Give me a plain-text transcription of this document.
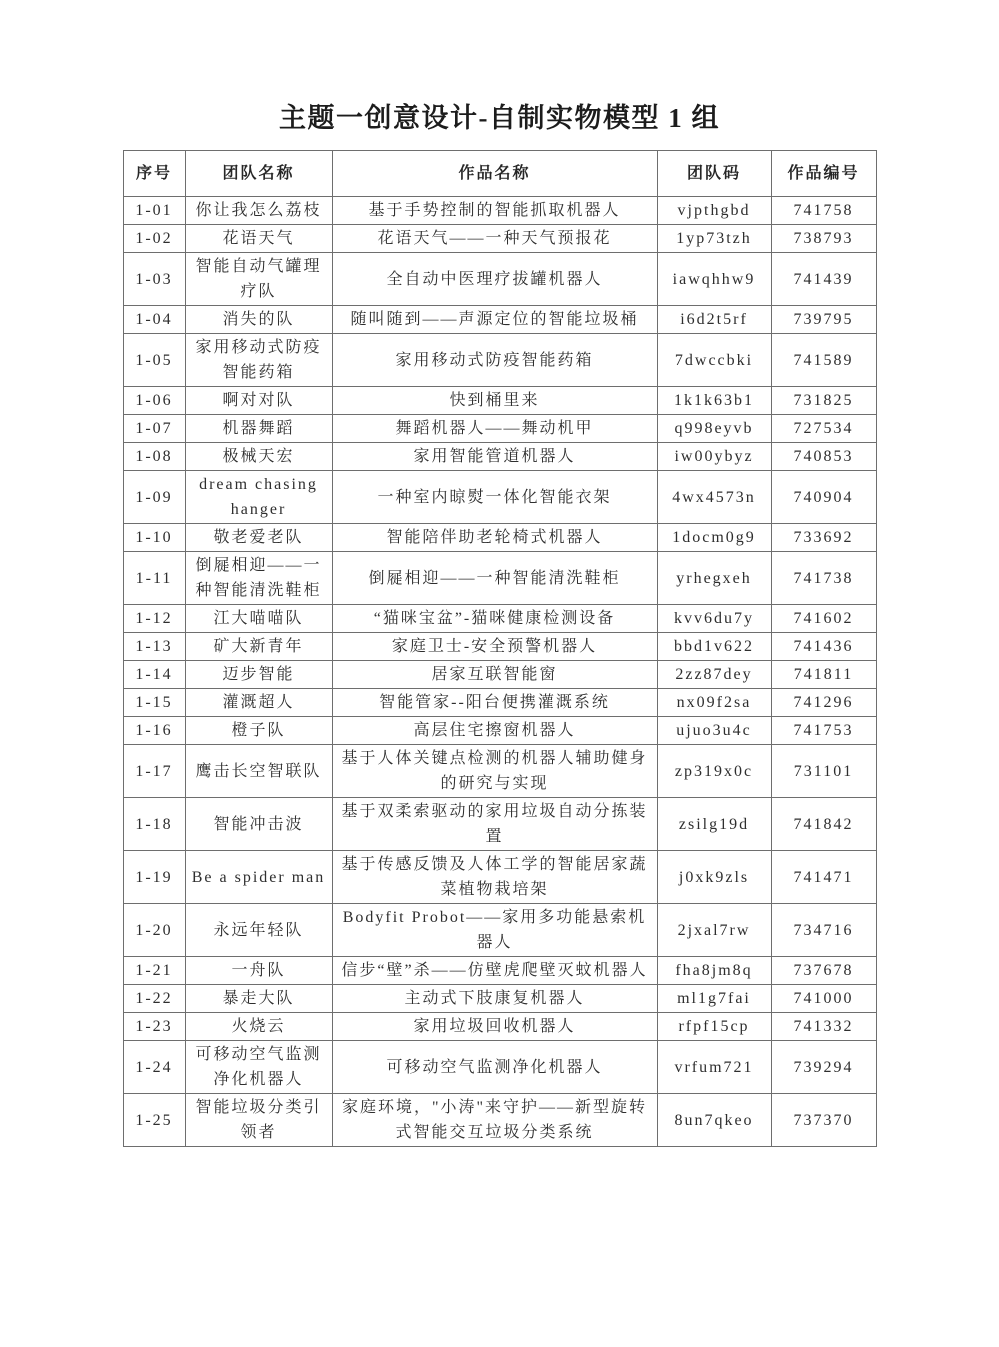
主题一创意设计-自制实物模型 1 组
序号	团队名称	作品名称	团队码	作品编号
1-01	你让我怎么荔枝	基于手势控制的智能抓取机器人	vjpthgbd	741758
1-02	花语天气	花语天气——一种天气预报花	1yp73tzh	738793
1-03	智能自动气罐理疗队	全自动中医理疗拔罐机器人	iawqhhw9	741439
1-04	消失的队	随叫随到——声源定位的智能垃圾桶	i6d2t5rf	739795
1-05	家用移动式防疫智能药箱	家用移动式防疫智能药箱	7dwccbki	741589
1-06	啊对对队	快到桶里来	1k1k63b1	731825
1-07	机器舞蹈	舞蹈机器人——舞动机甲	q998eyvb	727534
1-08	极械天宏	家用智能管道机器人	iw00ybyz	740853
1-09	dream chasing hanger	一种室内晾熨一体化智能衣架	4wx4573n	740904
1-10	敬老爱老队	智能陪伴助老轮椅式机器人	1docm0g9	733692
1-11	倒屣相迎——一种智能清洗鞋柜	倒屣相迎——一种智能清洗鞋柜	yrhegxeh	741738
1-12	江大喵喵队	“猫咪宝盆”-猫咪健康检测设备	kvv6du7y	741602
1-13	矿大新青年	家庭卫士-安全预警机器人	bbd1v622	741436
1-14	迈步智能	居家互联智能窗	2zz87dey	741811
1-15	灌溉超人	智能管家--阳台便携灌溉系统	nx09f2sa	741296
1-16	橙子队	高层住宅擦窗机器人	ujuo3u4c	741753
1-17	鹰击长空智联队	基于人体关键点检测的机器人辅助健身的研究与实现	zp319x0c	731101
1-18	智能冲击波	基于双柔索驱动的家用垃圾自动分拣装置	zsilg19d	741842
1-19	Be a spider man	基于传感反馈及人体工学的智能居家蔬菜植物栽培架	j0xk9zls	741471
1-20	永远年轻队	Bodyfit Probot——家用多功能悬索机器人	2jxal7rw	734716
1-21	一舟队	信步“壁”杀——仿壁虎爬壁灭蚊机器人	fha8jm8q	737678
1-22	暴走大队	主动式下肢康复机器人	ml1g7fai	741000
1-23	火烧云	家用垃圾回收机器人	rfpf15cp	741332
1-24	可移动空气监测净化机器人	可移动空气监测净化机器人	vrfum721	739294
1-25	智能垃圾分类引领者	家庭环境，"小涛"来守护——新型旋转式智能交互垃圾分类系统	8un7qkeo	737370
